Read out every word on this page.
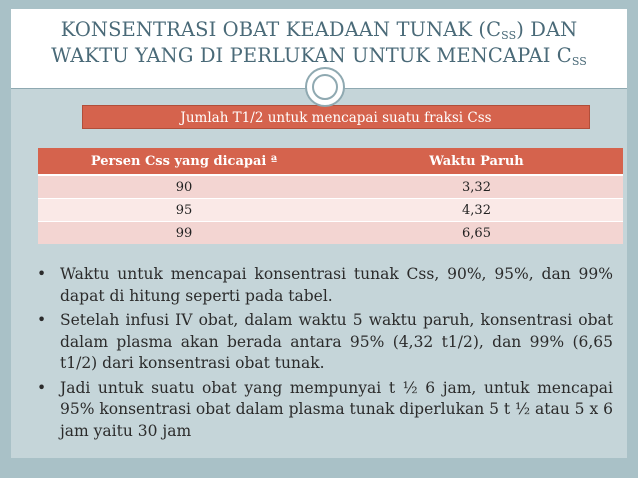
KONSENTRASI OBAT KEADAAN TUNAK $(C_{SS})$ DAN
WAKTU YANG DI PERLUKAN UNTUK MENCAPAI $C_{SS}$
Jumlah T1/2 untuk mencapai suatu fraksi Css
Persen Css yang dicapai ª	Waktu Paruh
90	3,32
95	4,32
99	6,65
• Waktu untuk mencapai konsentrasi tunak Css, 90%, 95%, dan 99% dapat di hitung seperti pada tabel.
• Setelah infusi IV obat, dalam waktu 5 waktu paruh, konsentrasi obat dalam plasma akan berada antara 95% (4,32 t1/2), dan 99% (6,65 t1/2) dari konsentrasi obat tunak.
• Jadi untuk suatu obat yang mempunyai t ½ 6 jam, untuk mencapai 95% konsentrasi obat dalam plasma tunak diperlukan 5 t ½ atau 5 x 6 jam yaitu 30 jam
